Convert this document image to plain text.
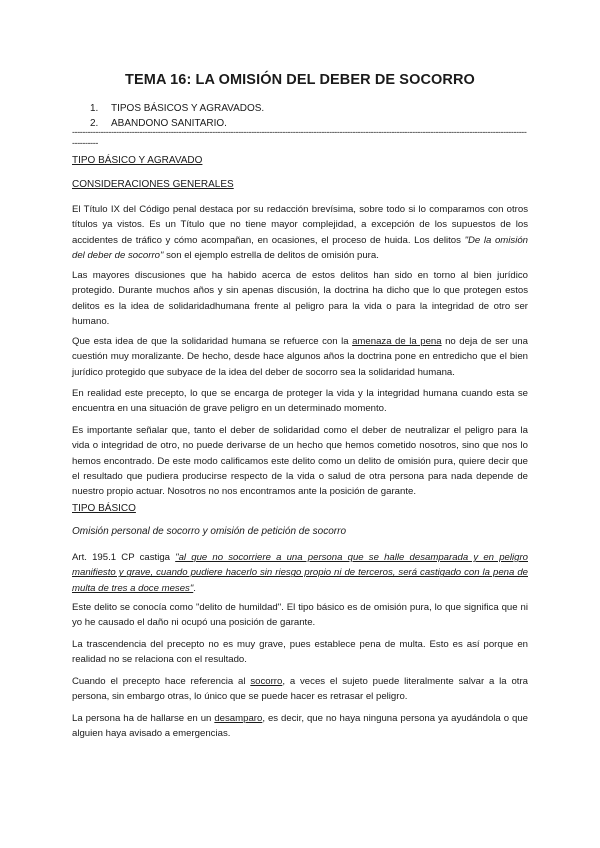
TEMA 16: LA OMISIÓN DEL DEBER DE SOCORRO
1. TIPOS BÁSICOS Y AGRAVADOS.
2. ABANDONO SANITARIO.
-----------------------------------------------------------------------------------------------------------------------------------------------------------------------------------------

TIPO BÁSICO Y AGRAVADO

CONSIDERACIONES GENERALES

El Título IX del Código penal destaca por su redacción brevísima, sobre todo si lo comparamos con otros títulos ya vistos. Es un Título que no tiene mayor complejidad, a excepción de los supuestos de los accidentes de tráfico y cómo acompañan, en ocasiones, el proceso de huida. Los delitos "De la omisión del deber de socorro" son el ejemplo estrella de delitos de omisión pura.

Las mayores discusiones que ha habido acerca de estos delitos han sido en torno al bien jurídico protegido. Durante muchos años y sin apenas discusión, la doctrina ha dicho que lo que protegen estos delitos es la idea de solidaridadhumana frente al peligro para la vida o para la integridad de otro ser humano.

Que esta idea de que la solidaridad humana se refuerce con la amenaza de la pena no deja de ser una cuestión muy moralizante. De hecho, desde hace algunos años la doctrina pone en entredicho que el bien jurídico protegido que subyace de la idea del deber de socorro sea la solidaridad humana.

En realidad este precepto, lo que se encarga de proteger la vida y la integridad humana cuando esta se encuentra en una situación de grave peligro en un determinado momento.

Es importante señalar que, tanto el deber de solidaridad como el deber de neutralizar el peligro para la vida o integridad de otro, no puede derivarse de un hecho que hemos cometido nosotros, sino que nos lo hemos encontrado. De este modo calificamos este delito como un delito de omisión pura, quiere decir que el resultado que pudiera producirse respecto de la vida o salud de otra persona para nada depende de nuestro propio actuar. Nosotros no nos encontramos ante la posición de garante.

TIPO BÁSICO

Omisión personal de socorro y omisión de petición de socorro

Art. 195.1 CP castiga "al que no socorriere a una persona que se halle desamparada y en peligro manifiesto y grave, cuando pudiere hacerlo sin riesgo propio ni de terceros, será castigado con la pena de multa de tres a doce meses".

Este delito se conocía como "delito de humildad". El tipo básico es de omisión pura, lo que significa que ni yo he causado el daño ni ocupó una posición de garante.

La trascendencia del precepto no es muy grave, pues establece pena de multa. Esto es así porque en realidad no se relaciona con el resultado.

Cuando el precepto hace referencia al socorro, a veces el sujeto puede literalmente salvar a la otra persona, sin embargo otras, lo único que se puede hacer es retrasar el peligro.

La persona ha de hallarse en un desamparo, es decir, que no haya ninguna persona ya ayudándola o que alguien haya avisado a emergencias.
